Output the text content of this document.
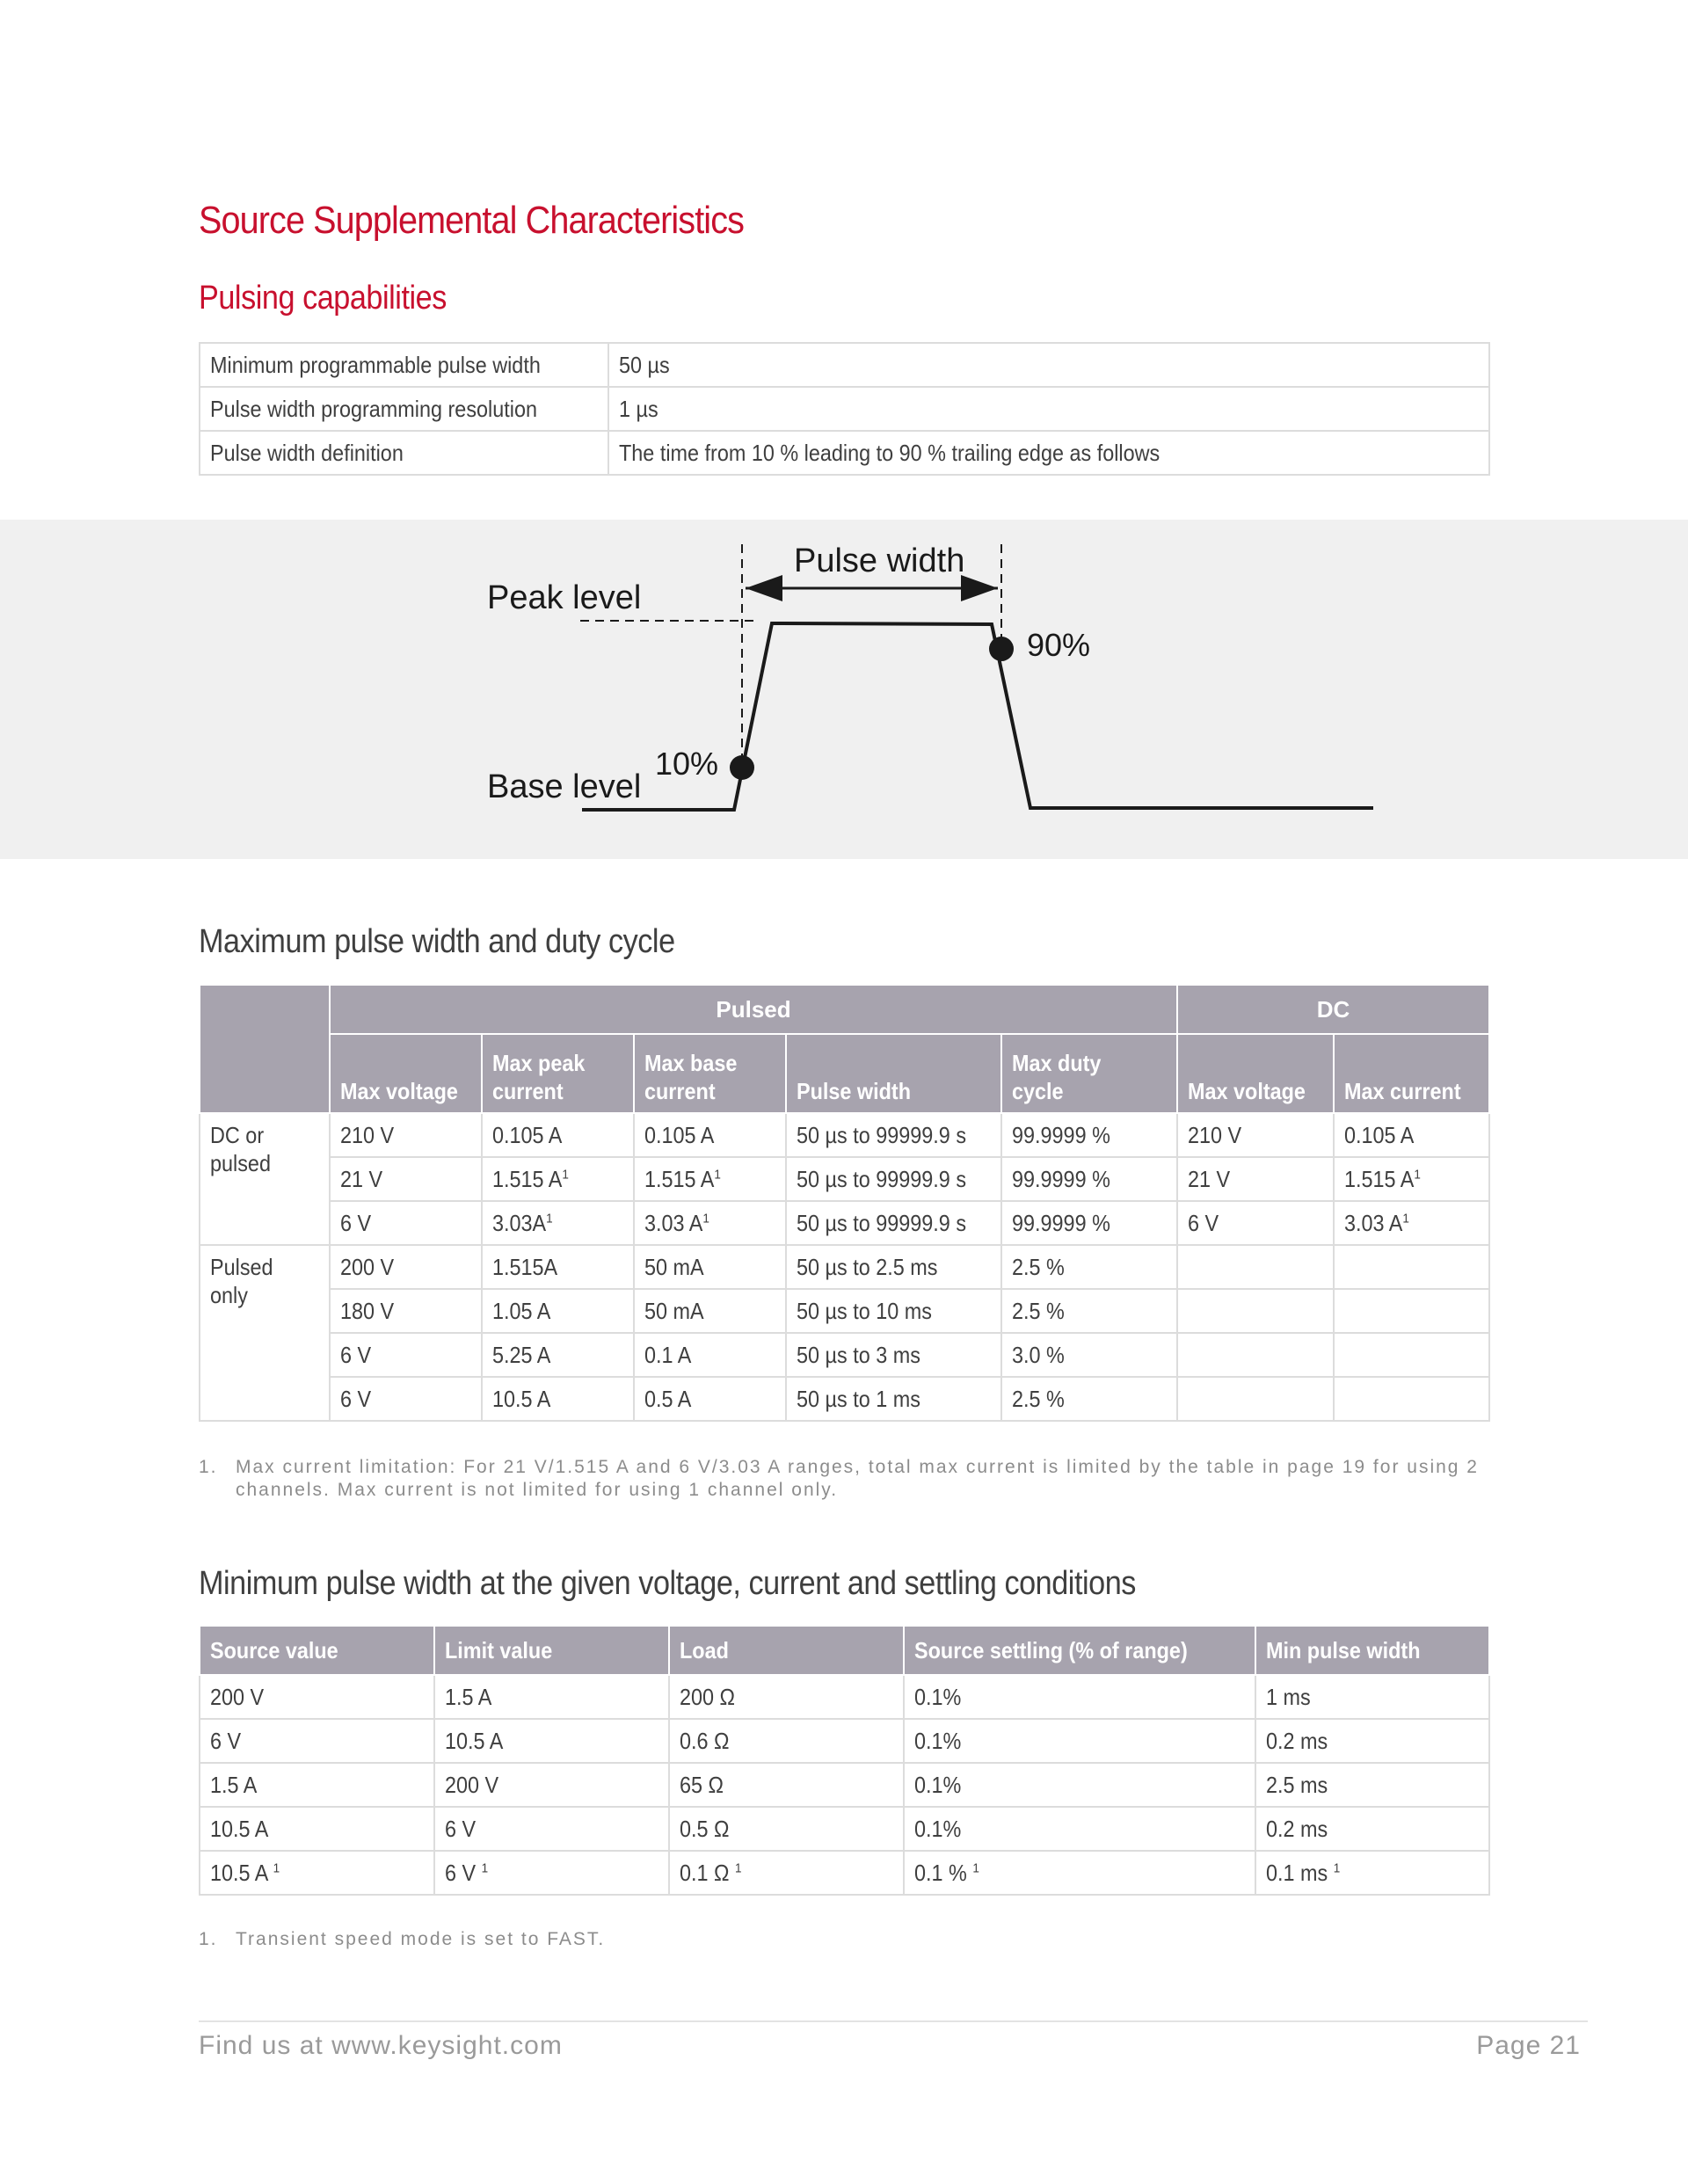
Source Supplemental Characteristics
Pulsing capabilities
Minimum programmable pulse width	50 µs
Pulse width programming resolution	1 µs
Pulse width definition	The time from 10 % leading to 90 % trailing edge as follows
Peak level
Base level
Pulse width
10%
90%
Maximum pulse width and duty cycle
	Pulsed					DC	
	Max voltage	Max peak current	Max base current	Pulse width	Max duty cycle	Max voltage	Max current
DC or pulsed	210 V	0.105 A	0.105 A	50 µs to 99999.9 s	99.9999 %	210 V	0.105 A
	21 V	1.515 $A^1$	1.515 $A^1$	50 µs to 99999.9 s	99.9999 %	21 V	1.515 $A^1$
	6 V	$3.03A^1$	3.03 $A^1$	50 µs to 99999.9 s	99.9999 %	6 V	3.03 $A^1$
Pulsed only	200 V	1.515A	50 mA	50 µs to 2.5 ms	2.5 %		
	180 V	1.05 A	50 mA	50 µs to 10 ms	2.5 %		
	6 V	5.25 A	0.1 A	50 µs to 3 ms	3.0 %		
	6 V	10.5 A	0.5 A	50 µs to 1 ms	2.5 %		
1. Max current limitation: For 21 V/1.515 A and 6 V/3.03 A ranges, total max current is limited by the table in page 19 for using 2 channels. Max current is not limited for using 1 channel only.
Minimum pulse width at the given voltage, current and settling conditions
Source value	Limit value	Load	Source settling (% of range)	Min pulse width
200 V	1.5 A	200 Ω	0.1%	1 ms
6 V	10.5 A	0.6 Ω	0.1%	0.2 ms
1.5 A	200 V	65 Ω	0.1%	2.5 ms
10.5 A	6 V	0.5 Ω	0.1%	0.2 ms
10.5 A $^1$	6 V $^1$	0.1 Ω $^1$	0.1 % $^1$	0.1 ms $^1$
1. Transient speed mode is set to FAST.
Find us at www.keysight.com	Page 21
